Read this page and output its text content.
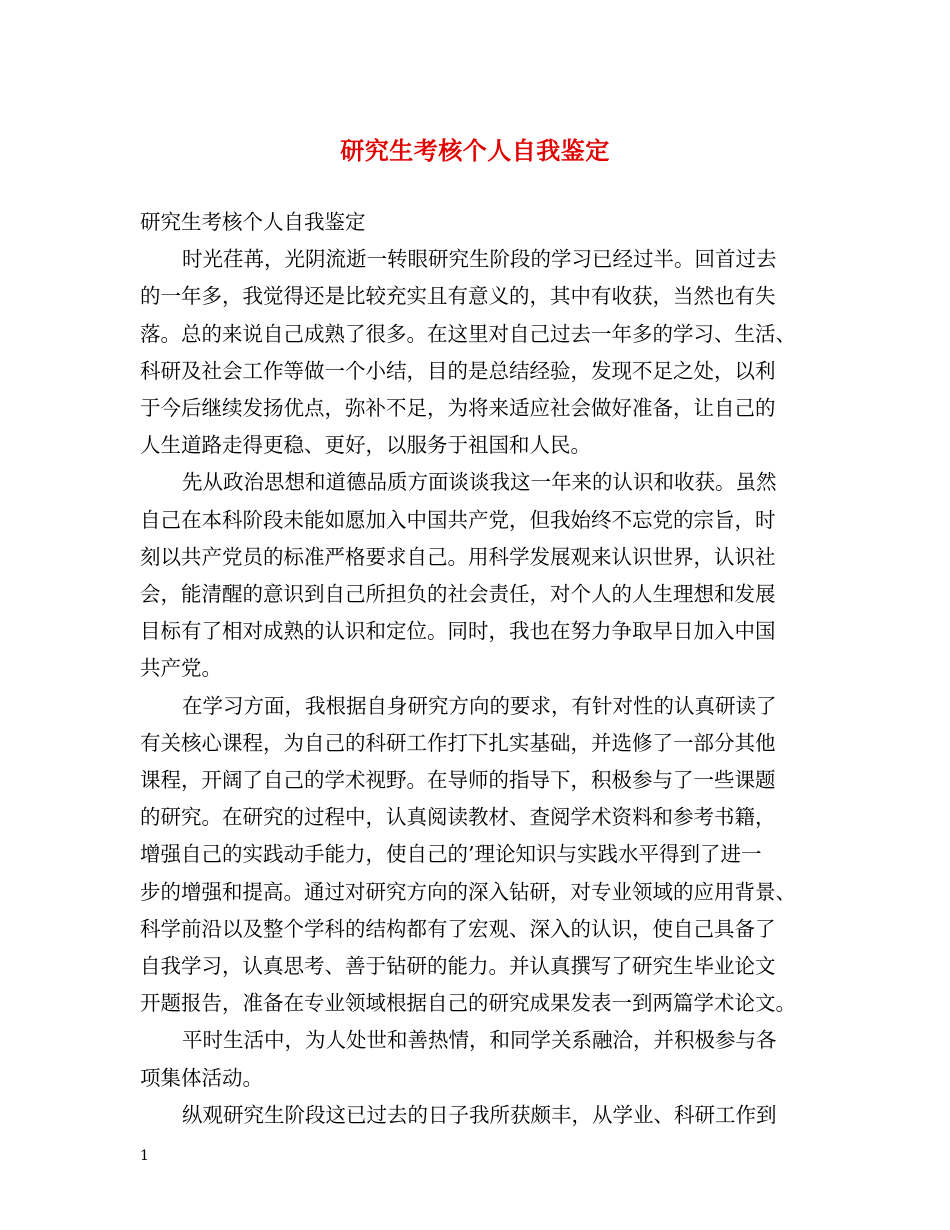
研究生考核个人自我鉴定

研究生考核个人自我鉴定

时光荏苒，光阴流逝一转眼研究生阶段的学习已经过半。回首过去
的一年多，我觉得还是比较充实且有意义的，其中有收获，当然也有失
落。总的来说自己成熟了很多。在这里对自己过去一年多的学习、生活、
科研及社会工作等做一个小结，目的是总结经验，发现不足之处，以利
于今后继续发扬优点，弥补不足，为将来适应社会做好准备，让自己的
人生道路走得更稳、更好，以服务于祖国和人民。

先从政治思想和道德品质方面谈谈我这一年来的认识和收获。虽然
自己在本科阶段未能如愿加入中国共产党，但我始终不忘党的宗旨，时
刻以共产党员的标准严格要求自己。用科学发展观来认识世界，认识社
会，能清醒的意识到自己所担负的社会责任，对个人的人生理想和发展
目标有了相对成熟的认识和定位。同时，我也在努力争取早日加入中国
共产党。

在学习方面，我根据自身研究方向的要求，有针对性的认真研读了
有关核心课程，为自己的科研工作打下扎实基础，并选修了一部分其他
课程，开阔了自己的学术视野。在导师的指导下，积极参与了一些课题
的研究。在研究的过程中，认真阅读教材、查阅学术资料和参考书籍，
增强自己的实践动手能力，使自己的’理论知识与实践水平得到了进一
步的增强和提高。通过对研究方向的深入钻研，对专业领域的应用背景、
科学前沿以及整个学科的结构都有了宏观、深入的认识，使自己具备了
自我学习，认真思考、善于钻研的能力。并认真撰写了研究生毕业论文
开题报告，准备在专业领域根据自己的研究成果发表一到两篇学术论文。

平时生活中，为人处世和善热情，和同学关系融洽，并积极参与各
项集体活动。

纵观研究生阶段这已过去的日子我所获颇丰，从学业、科研工作到

1
